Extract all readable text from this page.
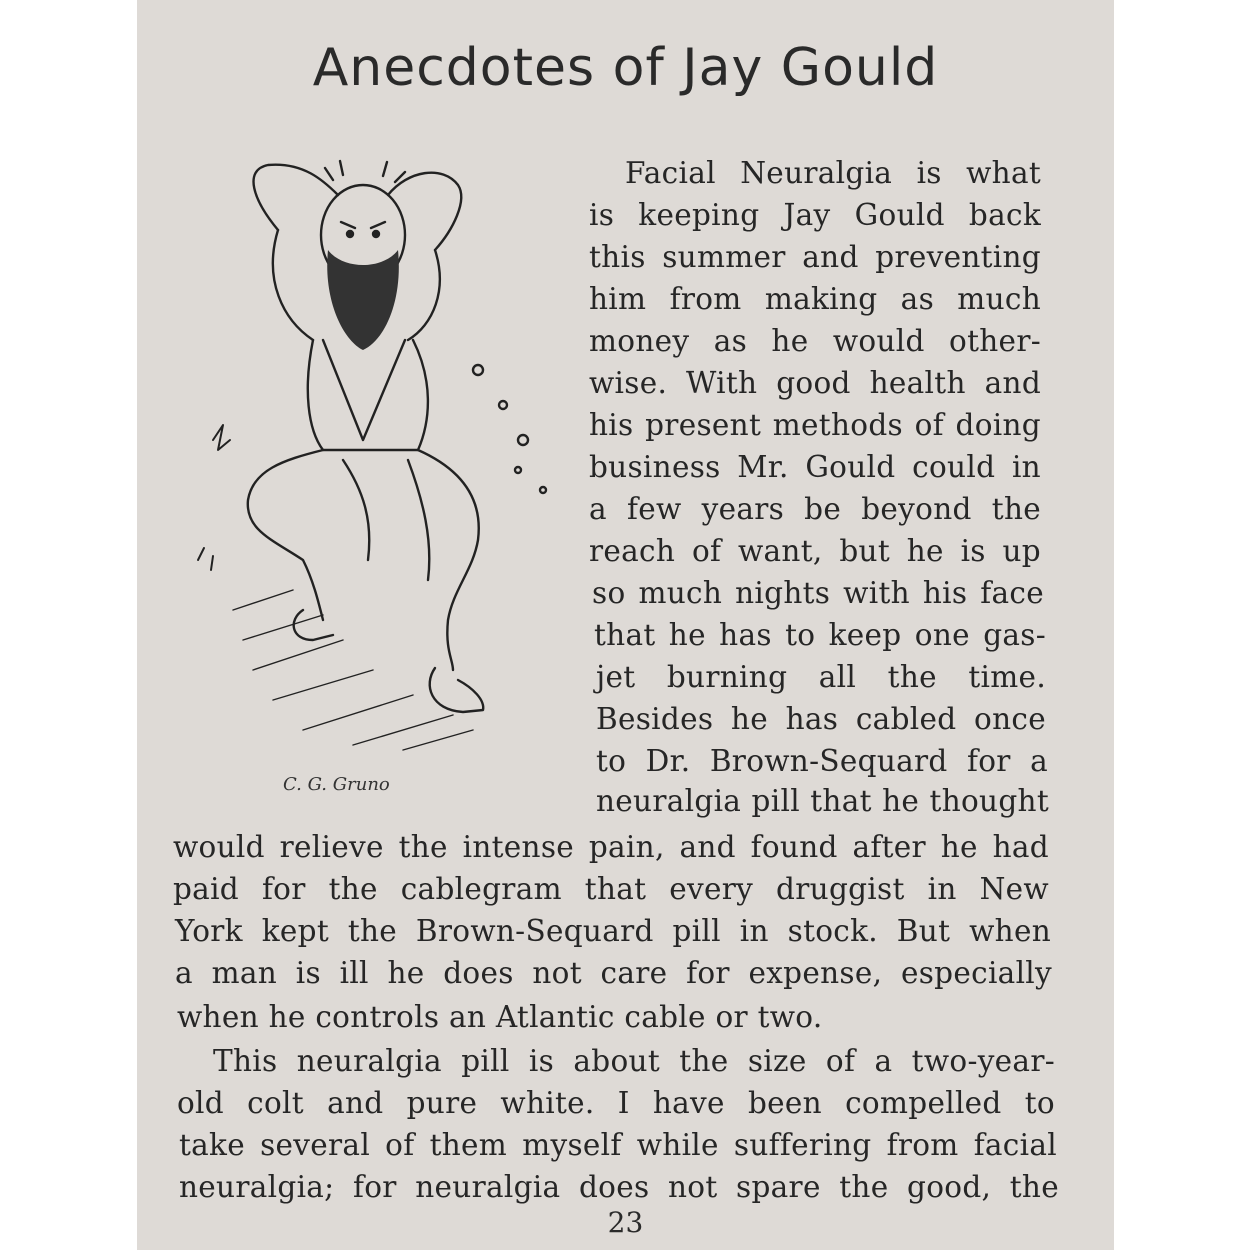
Anecdotes of Jay Gould
C. G. Gruno
Facial Neuralgia is what
is keeping Jay Gould back
this summer and preventing
him from making as much
money as he would other-
wise. With good health and
his present methods of doing
business Mr. Gould could in
a few years be beyond the
reach of want, but he is up
so much nights with his face
that he has to keep one gas-
jet burning all the time.
Besides he has cabled once
to Dr. Brown-Sequard for a
neuralgia pill that he thought
would relieve the intense pain, and found after he had
paid for the cablegram that every druggist in New
York kept the Brown-Sequard pill in stock. But when
a man is ill he does not care for expense, especially
when he controls an Atlantic cable or two.
This neuralgia pill is about the size of a two-year-
old colt and pure white. I have been compelled to
take several of them myself while suffering from facial
neuralgia; for neuralgia does not spare the good, the
23
